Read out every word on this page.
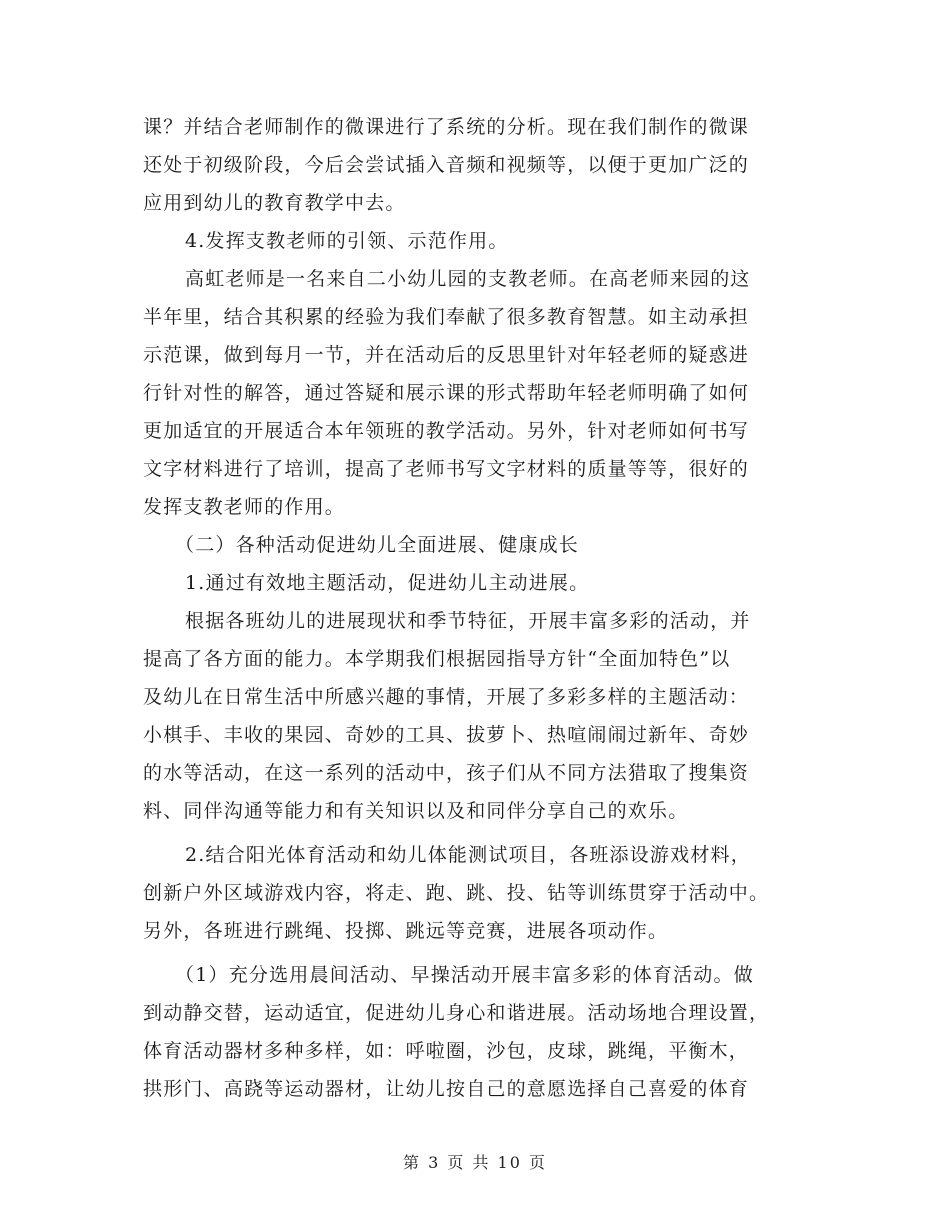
课？并结合老师制作的微课进行了系统的分析。现在我们制作的微课
还处于初级阶段，今后会尝试插入音频和视频等，以便于更加广泛的
应用到幼儿的教育教学中去。
4.发挥支教老师的引领、示范作用。
高虹老师是一名来自二小幼儿园的支教老师。在高老师来园的这
半年里，结合其积累的经验为我们奉献了很多教育智慧。如主动承担
示范课，做到每月一节，并在活动后的反思里针对年轻老师的疑惑进
行针对性的解答，通过答疑和展示课的形式帮助年轻老师明确了如何
更加适宜的开展适合本年领班的教学活动。另外，针对老师如何书写
文字材料进行了培训，提高了老师书写文字材料的质量等等，很好的
发挥支教老师的作用。
（二）各种活动促进幼儿全面进展、健康成长
1.通过有效地主题活动，促进幼儿主动进展。
根据各班幼儿的进展现状和季节特征，开展丰富多彩的活动，并
提高了各方面的能力。本学期我们根据园指导方针“全面加特色”以
及幼儿在日常生活中所感兴趣的事情，开展了多彩多样的主题活动：
小棋手、丰收的果园、奇妙的工具、拔萝卜、热喧闹闹过新年、奇妙
的水等活动，在这一系列的活动中，孩子们从不同方法猎取了搜集资
料、同伴沟通等能力和有关知识以及和同伴分享自己的欢乐。
2.结合阳光体育活动和幼儿体能测试项目，各班添设游戏材料，
创新户外区域游戏内容，将走、跑、跳、投、钻等训练贯穿于活动中。
另外，各班进行跳绳、投掷、跳远等竞赛，进展各项动作。
（1）充分选用晨间活动、早操活动开展丰富多彩的体育活动。做
到动静交替，运动适宜，促进幼儿身心和谐进展。活动场地合理设置，
体育活动器材多种多样，如：呼啦圈，沙包，皮球，跳绳，平衡木，
拱形门、高跷等运动器材，让幼儿按自己的意愿选择自己喜爱的体育
第 3 页 共 10 页
